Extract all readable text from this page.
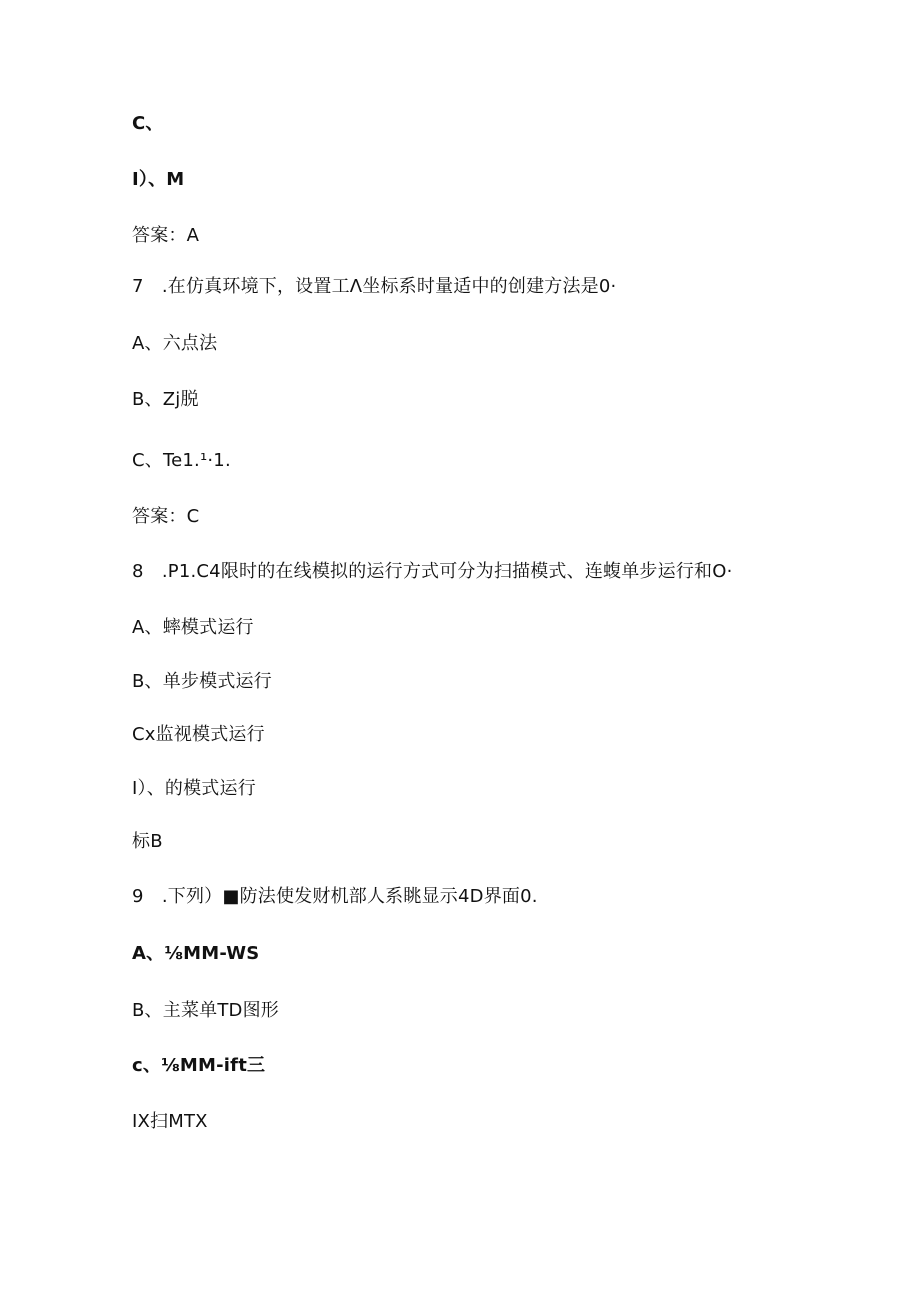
C、

I）、M

答案：A

7　.在仿真环境下，设置工Λ坐标系时量适中的创建方法是0·

A、六点法

B、Zj脱

C、Te1.¹·1.

答案：C

8　.P1.C4限时的在线模拟的运行方式可分为扫描模式、连蝮单步运行和O·

A、蟀模式运行

B、单步模式运行

Cx监视模式运行

I）、的模式运行

标B

9　.下列）■防法使发财机部人系眺显示4D界面0.

A、⅛MM-WS

B、主菜单TD图形

c、⅛MM-ift三

IX扫MTX
